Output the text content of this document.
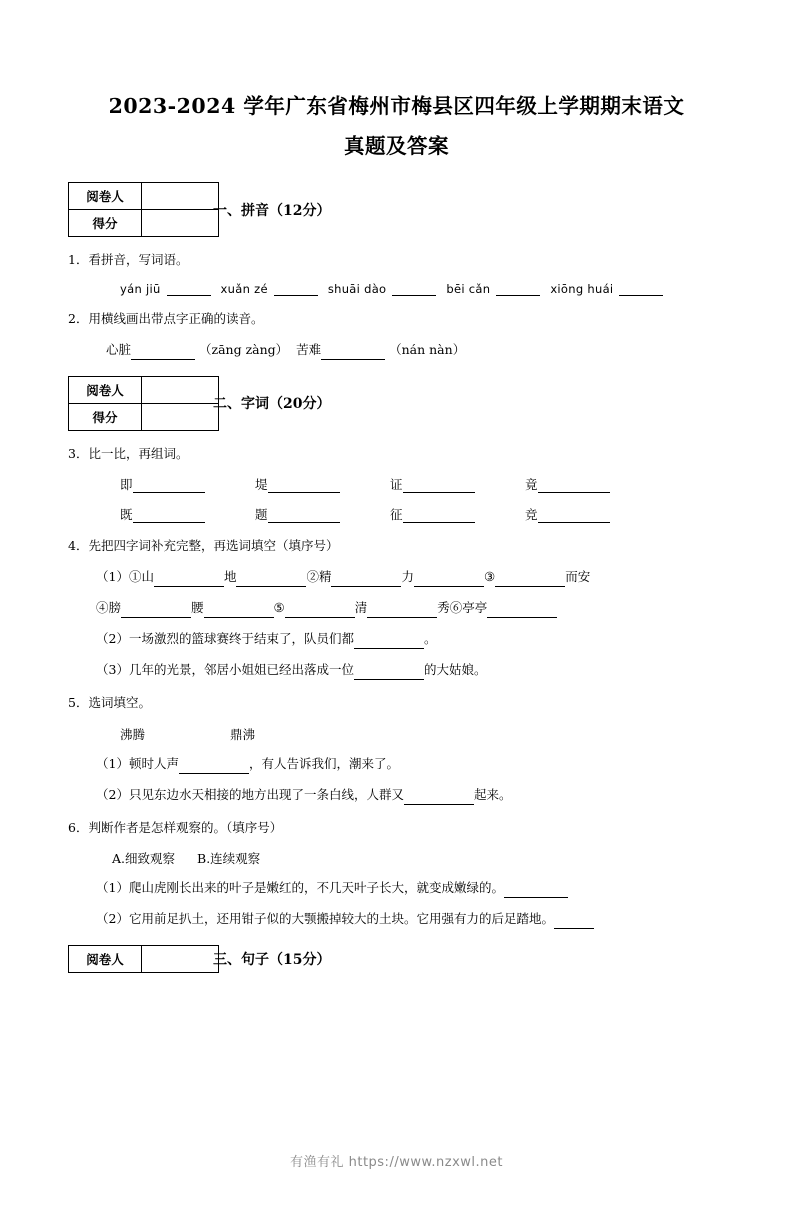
2023-2024 学年广东省梅州市梅县区四年级上学期期末语文
真题及答案
阅卷人	
得分	
一、拼音（12分）
1．看拼音，写词语。
yán jiū	xuǎn zé	shuāi dào	bēi cǎn	xiōng huái
2．用横线画出带点字正确的读音。
心脏	（zāng zàng） 苦难	（nán nàn）
阅卷人	
得分	
二、字词（20分）
3．比一比，再组词。
即	堤	证	竟
既	题	征	竞
4．先把四字词补充完整，再选词填空（填序号）
（1）①山	地	②精	力	③	而安
④膀	腰	⑤	清	秀⑥亭亭
（2）一场激烈的篮球赛终于结束了，队员们都	。
（3）几年的光景，邻居小姐姐已经出落成一位	的大姑娘。
5．选词填空。
沸腾	鼎沸
（1）顿时人声	，有人告诉我们，潮来了。
（2）只见东边水天相接的地方出现了一条白线，人群又	起来。
6．判断作者是怎样观察的。（填序号）
A.细致观察 B.连续观察
（1）爬山虎刚长出来的叶子是嫩红的，不几天叶子长大，就变成嫩绿的。
（2）它用前足扒土，还用钳子似的大颚搬掉较大的土块。它用强有力的后足踏地。
阅卷人		三、句子（15分）
有渔有礼 https://www.nzxwl.net
